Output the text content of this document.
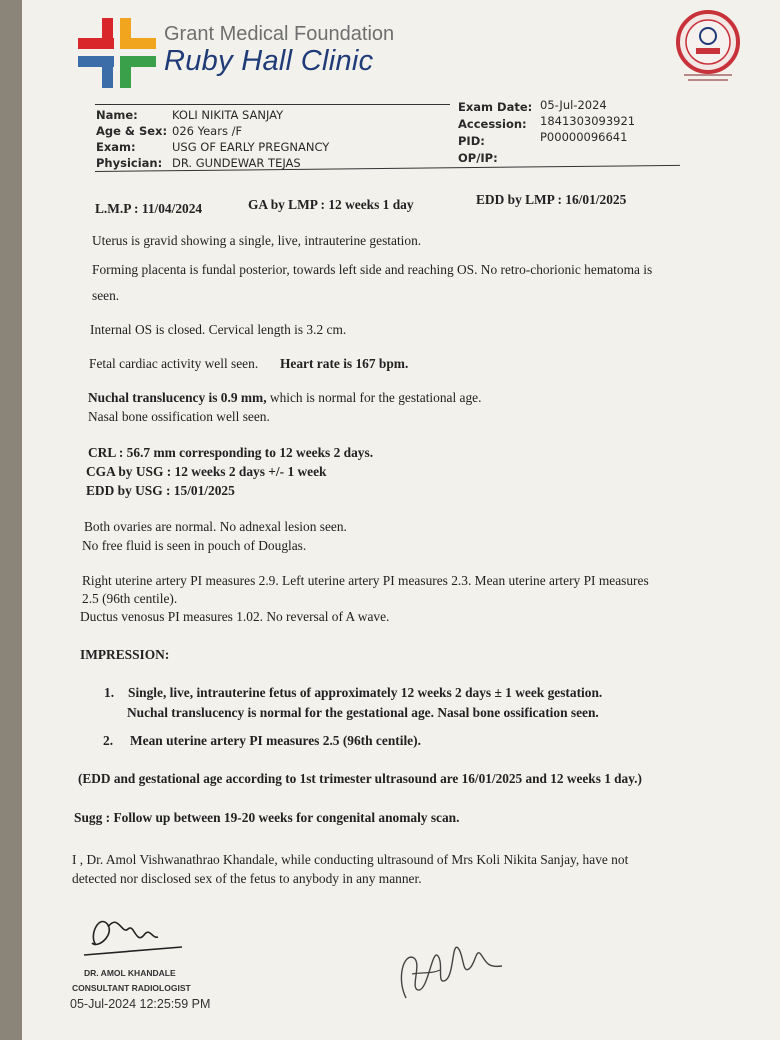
Grant Medical Foundation
Ruby Hall Clinic
Name:	KOLI NIKITA SANJAY
Age & Sex: 026 Years /F
Exam:	USG OF EARLY PREGNANCY
Physician: DR. GUNDEWAR TEJAS
Exam Date: 05-Jul-2024
Accession: 1841303093921
PID:	P00000096641
OP/IP:
L.M.P : 11/04/2024	GA by LMP : 12 weeks 1 day	EDD by LMP : 16/01/2025
Uterus is gravid showing a single, live, intrauterine gestation.
Forming placenta is fundal posterior, towards left side and reaching OS. No retro-chorionic hematoma is
seen.
Internal OS is closed. Cervical length is 3.2 cm.
Fetal cardiac activity well seen. Heart rate is 167 bpm.
Nuchal translucency is 0.9 mm, which is normal for the gestational age.
Nasal bone ossification well seen.
CRL : 56.7 mm corresponding to 12 weeks 2 days.
CGA by USG : 12 weeks 2 days +/- 1 week
EDD by USG : 15/01/2025
Both ovaries are normal. No adnexal lesion seen.
No free fluid is seen in pouch of Douglas.
Right uterine artery PI measures 2.9. Left uterine artery PI measures 2.3. Mean uterine artery PI measures
2.5 (96th centile).
Ductus venosus PI measures 1.02. No reversal of A wave.
IMPRESSION:
1. Single, live, intrauterine fetus of approximately 12 weeks 2 days ± 1 week gestation.
Nuchal translucency is normal for the gestational age. Nasal bone ossification seen.
2. Mean uterine artery PI measures 2.5 (96th centile).
(EDD and gestational age according to 1st trimester ultrasound are 16/01/2025 and 12 weeks 1 day.)
Sugg : Follow up between 19-20 weeks for congenital anomaly scan.
I , Dr. Amol Vishwanathrao Khandale, while conducting ultrasound of Mrs Koli Nikita Sanjay, have not
detected nor disclosed sex of the fetus to anybody in any manner.
DR. AMOL KHANDALE
CONSULTANT RADIOLOGIST
05-Jul-2024 12:25:59 PM
